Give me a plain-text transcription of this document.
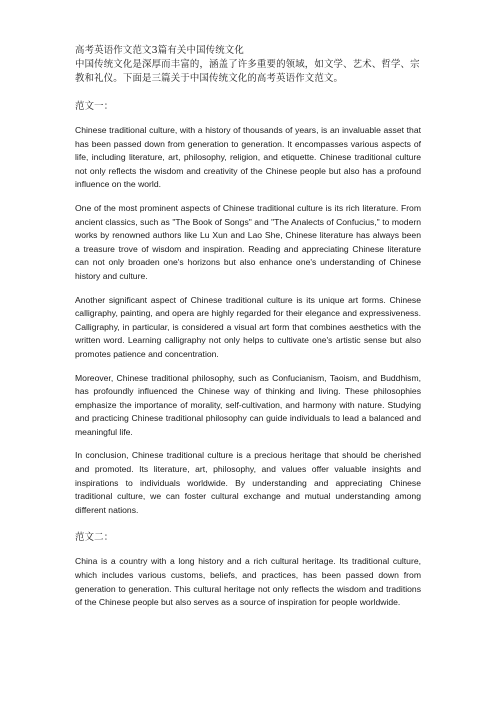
高考英语作文范文3篇有关中国传统文化

中国传统文化是深厚而丰富的，涵盖了许多重要的领域，如文学、艺术、哲学、宗教和礼仪。下面是三篇关于中国传统文化的高考英语作文范文。

范文一：

Chinese traditional culture, with a history of thousands of years, is an invaluable asset that has been passed down from generation to generation. It encompasses various aspects of life, including literature, art, philosophy, religion, and etiquette. Chinese traditional culture not only reflects the wisdom and creativity of the Chinese people but also has a profound influence on the world.

One of the most prominent aspects of Chinese traditional culture is its rich literature. From ancient classics, such as "The Book of Songs" and "The Analects of Confucius," to modern works by renowned authors like Lu Xun and Lao She, Chinese literature has always been a treasure trove of wisdom and inspiration. Reading and appreciating Chinese literature can not only broaden one's horizons but also enhance one's understanding of Chinese history and culture.

Another significant aspect of Chinese traditional culture is its unique art forms. Chinese calligraphy, painting, and opera are highly regarded for their elegance and expressiveness. Calligraphy, in particular, is considered a visual art form that combines aesthetics with the written word. Learning calligraphy not only helps to cultivate one's artistic sense but also promotes patience and concentration.

Moreover, Chinese traditional philosophy, such as Confucianism, Taoism, and Buddhism, has profoundly influenced the Chinese way of thinking and living. These philosophies emphasize the importance of morality, self-cultivation, and harmony with nature. Studying and practicing Chinese traditional philosophy can guide individuals to lead a balanced and meaningful life.

In conclusion, Chinese traditional culture is a precious heritage that should be cherished and promoted. Its literature, art, philosophy, and values offer valuable insights and inspirations to individuals worldwide. By understanding and appreciating Chinese traditional culture, we can foster cultural exchange and mutual understanding among different nations.

范文二：

China is a country with a long history and a rich cultural heritage. Its traditional culture, which includes various customs, beliefs, and practices, has been passed down from generation to generation. This cultural heritage not only reflects the wisdom and traditions of the Chinese people but also serves as a source of inspiration for people worldwide.
